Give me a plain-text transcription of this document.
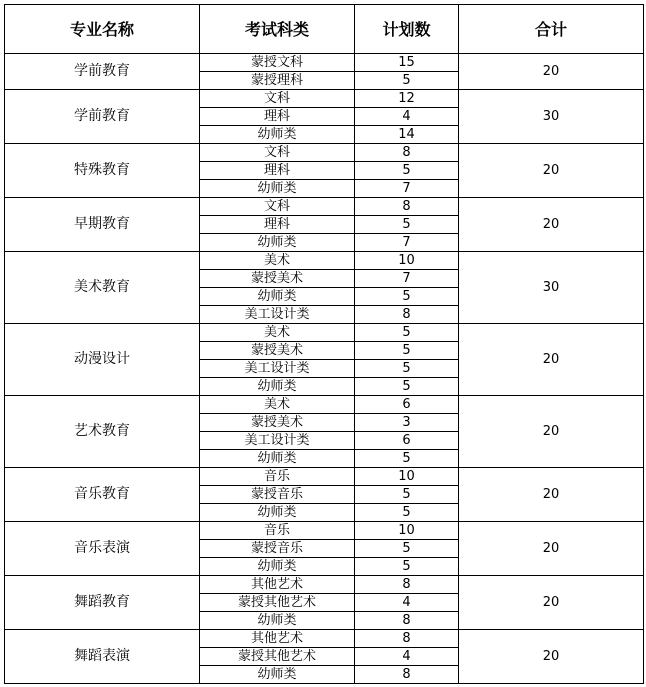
专业名称	考试科类	计划数	合计
学前教育	蒙授文科	15	20
	蒙授理科	5	
学前教育	文科	12	30
	理科	4	
	幼师类	14	
特殊教育	文科	8	20
	理科	5	
	幼师类	7	
早期教育	文科	8	20
	理科	5	
	幼师类	7	
美术教育	美术	10	30
	蒙授美术	7	
	幼师类	5	
	美工设计类	8	
动漫设计	美术	5	20
	蒙授美术	5	
	美工设计类	5	
	幼师类	5	
艺术教育	美术	6	20
	蒙授美术	3	
	美工设计类	6	
	幼师类	5	
音乐教育	音乐	10	20
	蒙授音乐	5	
	幼师类	5	
音乐表演	音乐	10	20
	蒙授音乐	5	
	幼师类	5	
舞蹈教育	其他艺术	8	20
	蒙授其他艺术	4	
	幼师类	8	
舞蹈表演	其他艺术	8	20
	蒙授其他艺术	4	
	幼师类	8	
